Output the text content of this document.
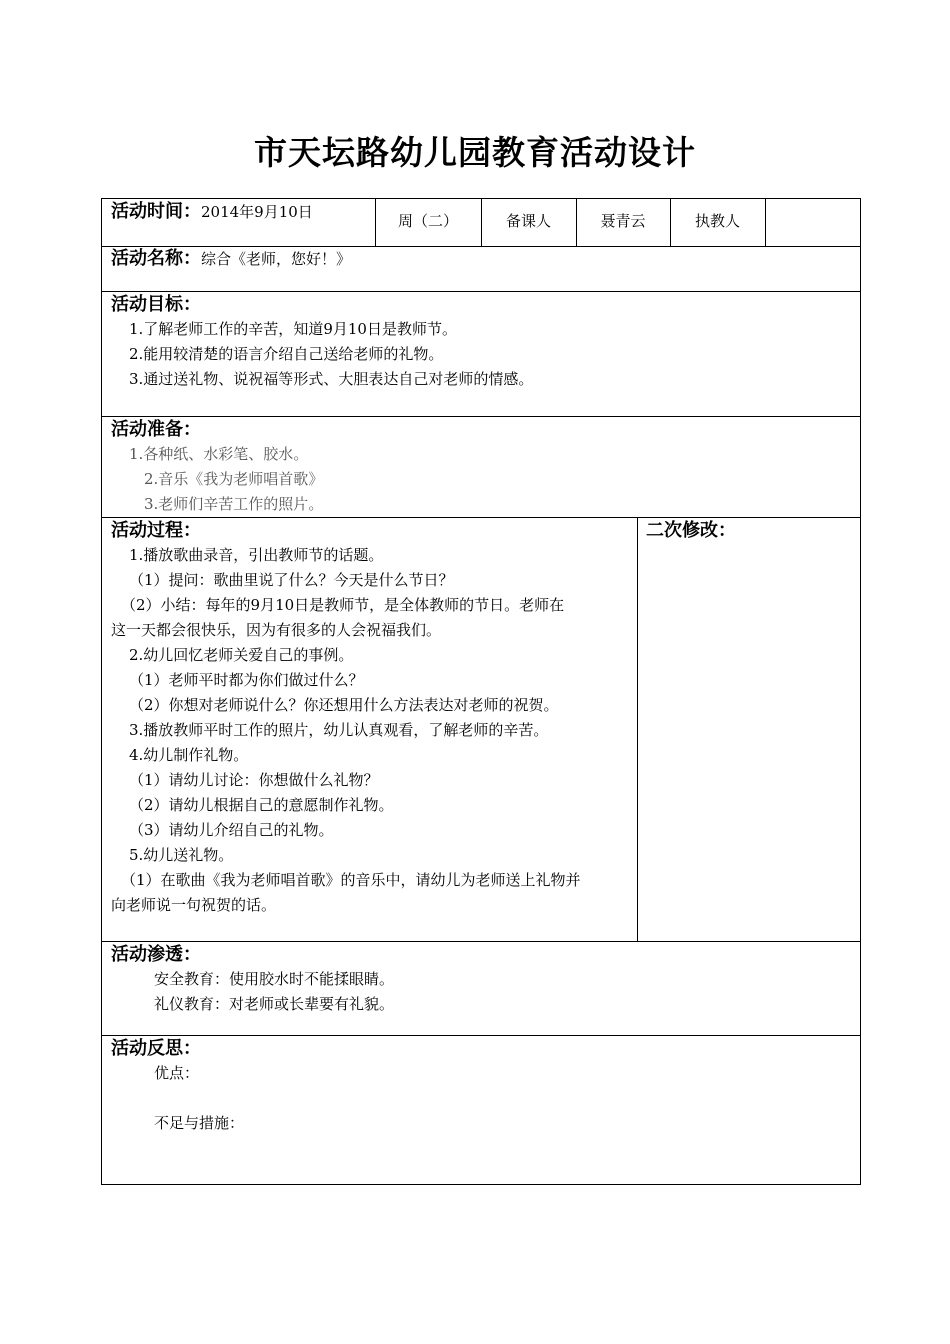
市天坛路幼儿园教育活动设计
活动时间：2014年9月10日	周（二）	备课人	聂青云	执教人
活动名称：综合《老师，您好！》
活动目标：
1.了解老师工作的辛苦，知道9月10日是教师节。
2.能用较清楚的语言介绍自己送给老师的礼物。
3.通过送礼物、说祝福等形式、大胆表达自己对老师的情感。
活动准备：
1.各种纸、水彩笔、胶水。
2.音乐《我为老师唱首歌》
3.老师们辛苦工作的照片。
活动过程：	二次修改：
1.播放歌曲录音，引出教师节的话题。
（1）提问：歌曲里说了什么？今天是什么节日？
（2）小结：每年的9月10日是教师节，是全体教师的节日。老师在
这一天都会很快乐，因为有很多的人会祝福我们。
2.幼儿回忆老师关爱自己的事例。
（1）老师平时都为你们做过什么？
（2）你想对老师说什么？你还想用什么方法表达对老师的祝贺。
3.播放教师平时工作的照片，幼儿认真观看，了解老师的辛苦。
4.幼儿制作礼物。
（1）请幼儿讨论：你想做什么礼物？
（2）请幼儿根据自己的意愿制作礼物。
（3）请幼儿介绍自己的礼物。
5.幼儿送礼物。
（1）在歌曲《我为老师唱首歌》的音乐中，请幼儿为老师送上礼物并
向老师说一句祝贺的话。
活动渗透：
安全教育：使用胶水时不能揉眼睛。
礼仪教育：对老师或长辈要有礼貌。
活动反思：
优点：
不足与措施：
